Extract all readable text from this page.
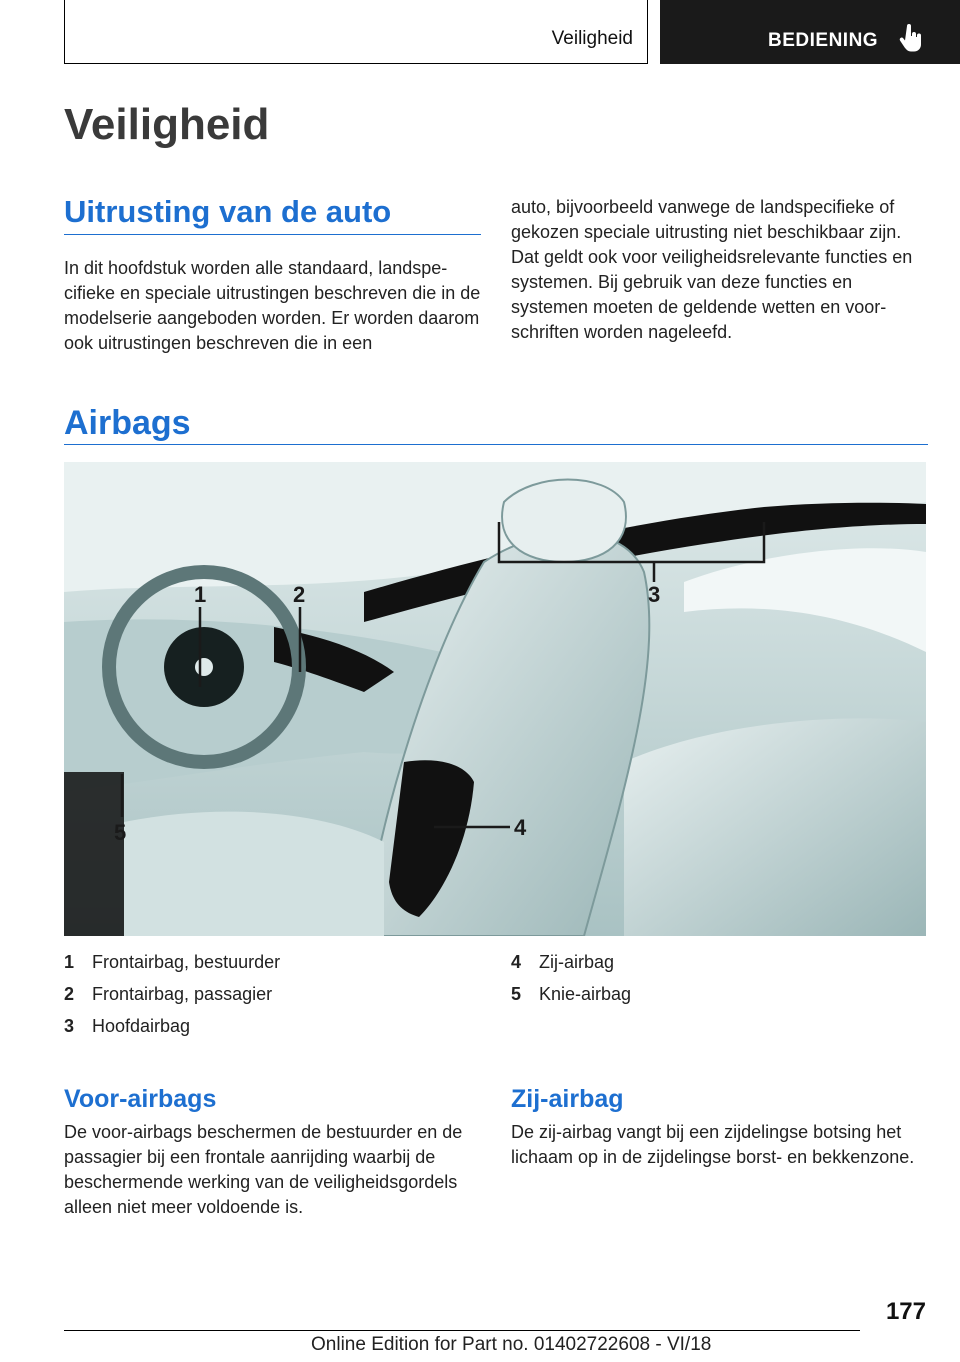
Veiligheid	BEDIENING
Veiligheid
Uitrusting van de auto

In dit hoofdstuk worden alle standaard, landspecifieke en speciale uitrustingen beschreven die in de modelserie aangeboden worden. Er worden daarom ook uitrustingen beschreven die in een

auto, bijvoorbeeld vanwege de landspecifieke of gekozen speciale uitrusting niet beschikbaar zijn. Dat geldt ook voor veiligheidsrelevante functies en systemen. Bij gebruik van deze functies en systemen moeten de geldende wetten en voorschriften worden nageleefd.

Airbags
1	2	3
4
5
1 Frontairbag, bestuurder
2 Frontairbag, passagier
3 Hoofdairbag
4 Zij-airbag
5 Knie-airbag
Voor-airbags

De voor-airbags beschermen de bestuurder en de passagier bij een frontale aanrijding waarbij de beschermende werking van de veiligheidsgordels alleen niet meer voldoende is.

Zij-airbag

De zij-airbag vangt bij een zijdelingse botsing het lichaam op in de zijdelingse borst- en bekkenzone.

177
Online Edition for Part no. 01402722608 - VI/18
